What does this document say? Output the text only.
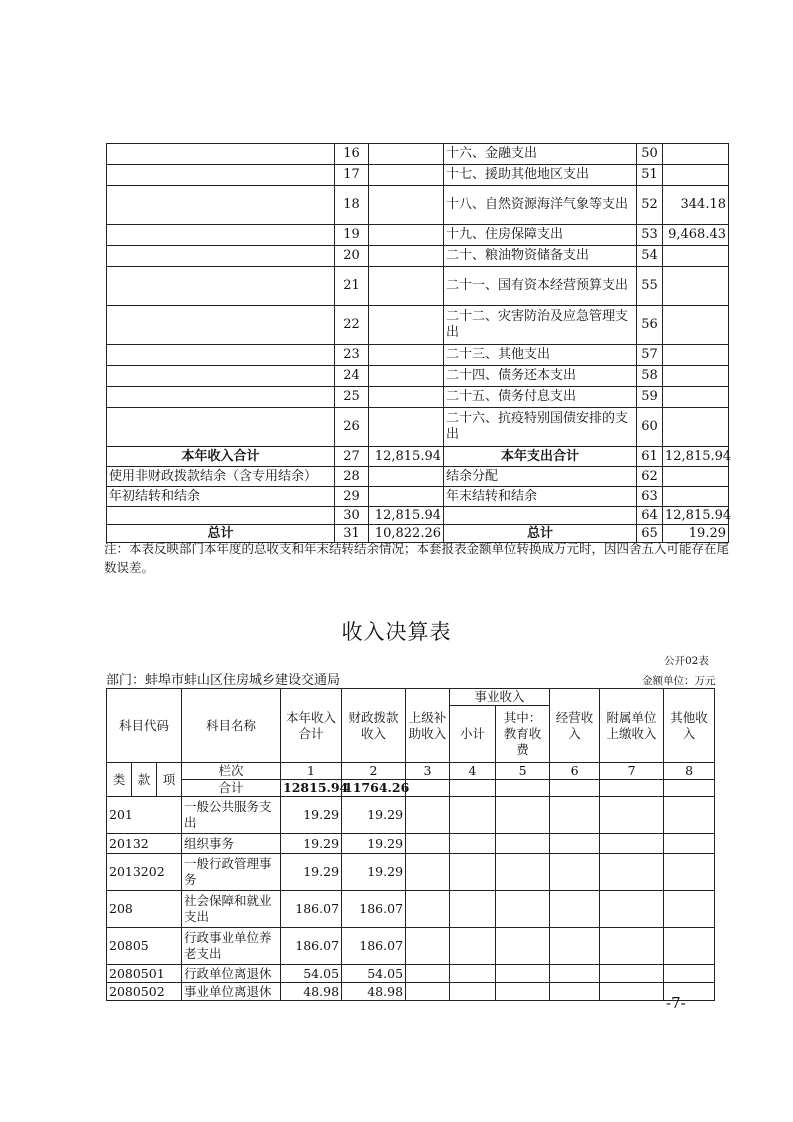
	16		十六、金融支出	50	
	17		十七、援助其他地区支出	51	
	18		十八、自然资源海洋气象等支出	52	344.18
	19		十九、住房保障支出	53	9,468.43
	20		二十、粮油物资储备支出	54	
	21		二十一、国有资本经营预算支出	55	
	22		二十二、灾害防治及应急管理支出	56	
	23		二十三、其他支出	57	
	24		二十四、债务还本支出	58	
	25		二十五、债务付息支出	59	
	26		二十六、抗疫特别国债安排的支出	60	
本年收入合计	27	12,815.94	本年支出合计	61	12,815.94
使用非财政拨款结余（含专用结余）	28		结余分配	62	
年初结转和结余	29		年末结转和结余	63	
	30	12,815.94		64	12,815.94
总计	31	10,822.26	总计	65	19.29
注：本表反映部门本年度的总收支和年末结转结余情况；本套报表金额单位转换成万元时，因四舍五入可能存在尾数误差。
收入决算表
公开02表
部门：蚌埠市蚌山区住房城乡建设交通局	金额单位：万元
科目代码			科目名称	本年收入合计	财政拨款收入	上级补助收入	事业收入		经营收入	附属单位上缴收入	其他收入
							小计	其中：教育收费			

类	款	项	栏次	1	2	3	4	5	6	7	8
			合计	12815.94	11764.26						
201			一般公共服务支出	19.29	19.29						
20132			组织事务	19.29	19.29						
2013202			一般行政管理事务	19.29	19.29						
208			社会保障和就业支出	186.07	186.07						
20805			行政事业单位养老支出	186.07	186.07						
2080501			行政单位离退休	54.05	54.05						
2080502			事业单位离退休	48.98	48.98						
-7-
